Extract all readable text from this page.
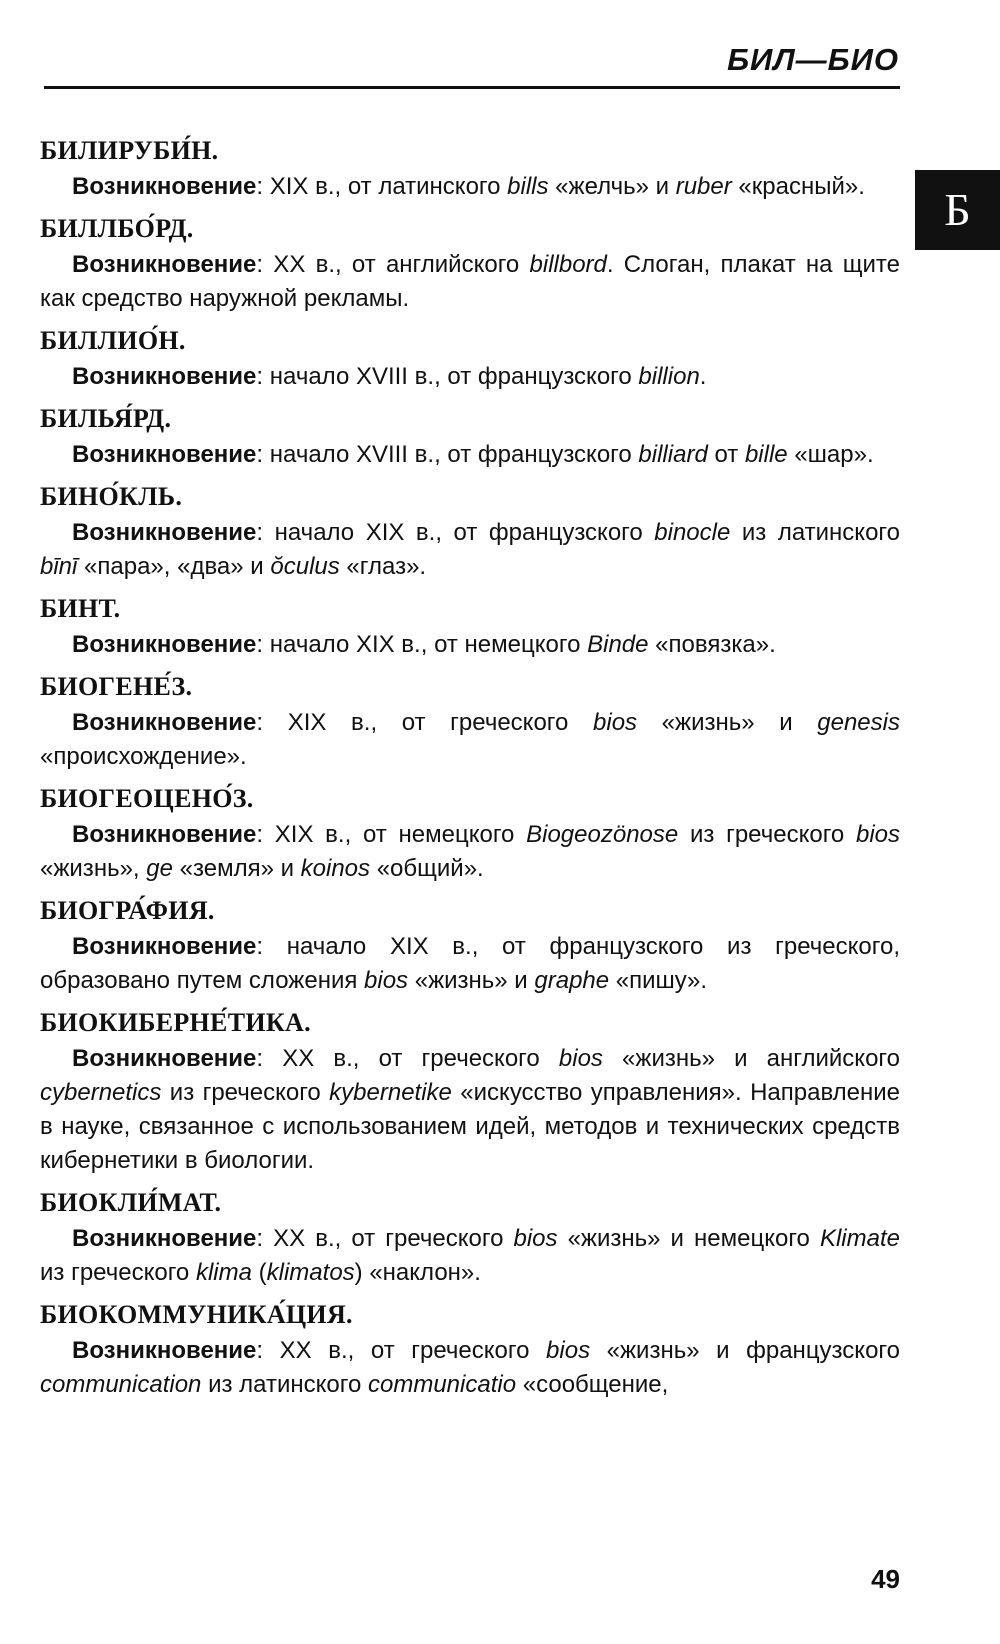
БИЛ—БИО
Б
БИЛИРУБИ́Н.

Возникновение: XIX в., от латинского bills «желчь» и ruber «красный».

БИЛЛБО́РД.

Возникновение: XX в., от английского billbord. Слоган, плакат на щите как средство наружной рекламы.

БИЛЛИО́Н.

Возникновение: начало XVIII в., от французского billion.

БИЛЬЯ́РД.

Возникновение: начало XVIII в., от французского billiard от bille «шар».

БИНО́КЛЬ.

Возникновение: начало XIX в., от французского binocle из латинского bīnī «пара», «два» и ŏculus «глаз».

БИНТ.

Возникновение: начало XIX в., от немецкого Binde «повязка».

БИОГЕНЕ́З.

Возникновение: XIX в., от греческого bios «жизнь» и genesis «происхождение».

БИОГЕОЦЕНО́З.

Возникновение: XIX в., от немецкого Biogeozönose из греческого bios «жизнь», ge «земля» и koinos «общий».

БИОГРА́ФИЯ.

Возникновение: начало XIX в., от французского из греческого, образовано путем сложения bios «жизнь» и graphe «пишу».

БИОКИБЕРНЕ́ТИКА.

Возникновение: XX в., от греческого bios «жизнь» и английского cybernetics из греческого kybernetike «искусство управления». Направление в науке, связанное с использованием идей, методов и технических средств кибернетики в биологии.

БИОКЛИ́МАТ.

Возникновение: XX в., от греческого bios «жизнь» и немецкого Klimate из греческого klima (klimatos) «наклон».

БИОКОММУНИКА́ЦИЯ.

Возникновение: XX в., от греческого bios «жизнь» и французского communication из латинского communicatio «сообщение,

49
